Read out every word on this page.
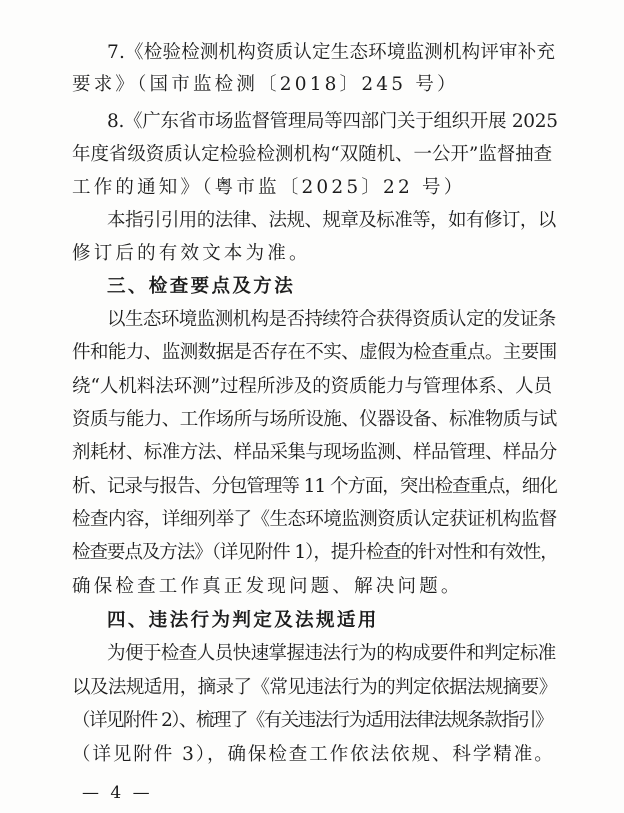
7.《检验检测机构资质认定生态环境监测机构评审补充
要求》（国市监检测〔2018〕245 号）
8.《广东省市场监督管理局等四部门关于组织开展 2025
年度省级资质认定检验检测机构“双随机、一公开”监督抽查
工作的通知》（粤市监〔2025〕22 号）
本指引引用的法律、法规、规章及标准等，如有修订，以
修订后的有效文本为准。
三、检查要点及方法
以生态环境监测机构是否持续符合获得资质认定的发证条
件和能力、监测数据是否存在不实、虚假为检查重点。主要围
绕“人机料法环测”过程所涉及的资质能力与管理体系、人员
资质与能力、工作场所与场所设施、仪器设备、标准物质与试
剂耗材、标准方法、样品采集与现场监测、样品管理、样品分
析、记录与报告、分包管理等 11 个方面，突出检查重点，细化
检查内容，详细列举了《生态环境监测资质认定获证机构监督
检查要点及方法》（详见附件 1），提升检查的针对性和有效性，
确保检查工作真正发现问题、解决问题。
四、违法行为判定及法规适用
为便于检查人员快速掌握违法行为的构成要件和判定标准
以及法规适用，摘录了《常见违法行为的判定依据法规摘要》
（详见附件 2）、梳理了《有关违法行为适用法律法规条款指引》
（详见附件 3），确保检查工作依法依规、科学精准。
— 4 —
